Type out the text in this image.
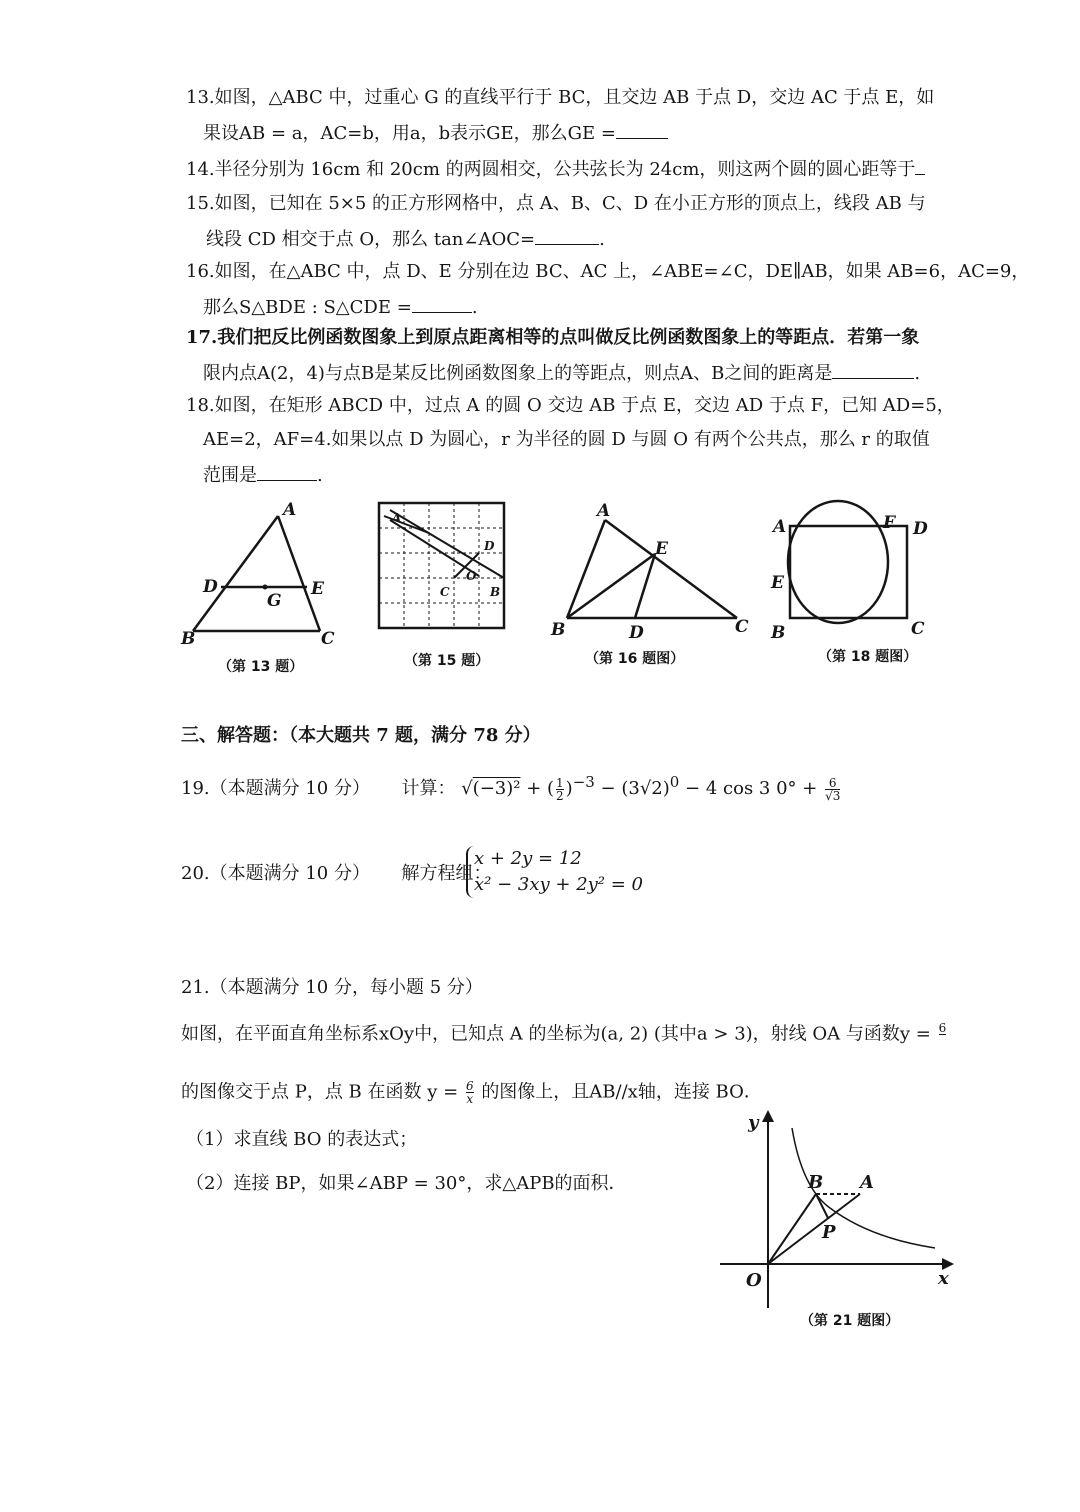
13.如图，△ABC 中，过重心 G 的直线平行于 BC，且交边 AB 于点 D，交边 AC 于点 E，如
果设AB = a，AC=b，用a，b表示GE，那么GE =
14.半径分别为 16cm 和 20cm 的两圆相交，公共弦长为 24cm，则这两个圆的圆心距等于
15.如图，已知在 5×5 的正方形网格中，点 A、B、C、D 在小正方形的顶点上，线段 AB 与
线段 CD 相交于点 O，那么 tan∠AOC=	.
16.如图，在△ABC 中，点 D、E 分别在边 BC、AC 上，∠ABE=∠C，DE∥AB，如果 AB=6，AC=9，
那么S△BDE : S△CDE =	.
17.我们把反比例函数图象上到原点距离相等的点叫做反比例函数图象上的等距点．若第一象
限内点A(2，4)与点B是某反比例函数图象上的等距点，则点A、B之间的距离是	.
18.如图，在矩形 ABCD 中，过点 A 的圆 O 交边 AB 于点 E，交边 AD 于点 F，已知 AD=5，
AE=2，AF=4.如果以点 D 为圆心，r 为半径的圆 D 与圆 O 有两个公共点，那么 r 的取值
范围是	.
A
B	C
D	E
G
（第 13 题）
A
D
O
C	B
（第 15 题）
A
B	C
D
E
（第 16 题图）
A	F D
E
B	C
（第 18 题图）
三、解答题：（本大题共 7 题，满分 78 分）
19.（本题满分 10 分） 计算： √(−3)² + ( $\frac{1}{2} )^{-3} - (3√2)^0 - 4$ cos 3 $0^\circ + \frac{6}{√3}$
20.（本题满分 10 分） 解方程组：
x + 2y = 12
x² − 3xy + 2y² = 0
21.（本题满分 10 分，每小题 5 分）
如图，在平面直角坐标系xOy中，已知点 A 的坐标为(a, 2) (其中a > 3)，射线 OA 与函数y = 6

的图像交于点 P，点 B 在函数 $y = \frac{6}{x}$ 的图像上，且AB//x轴，连接 BO．
（1）求直线 BO 的表达式；
（2）连接 BP，如果∠ABP = 30°，求△APB的面积．
y
x
O
B A
P
（第 21 题图）
